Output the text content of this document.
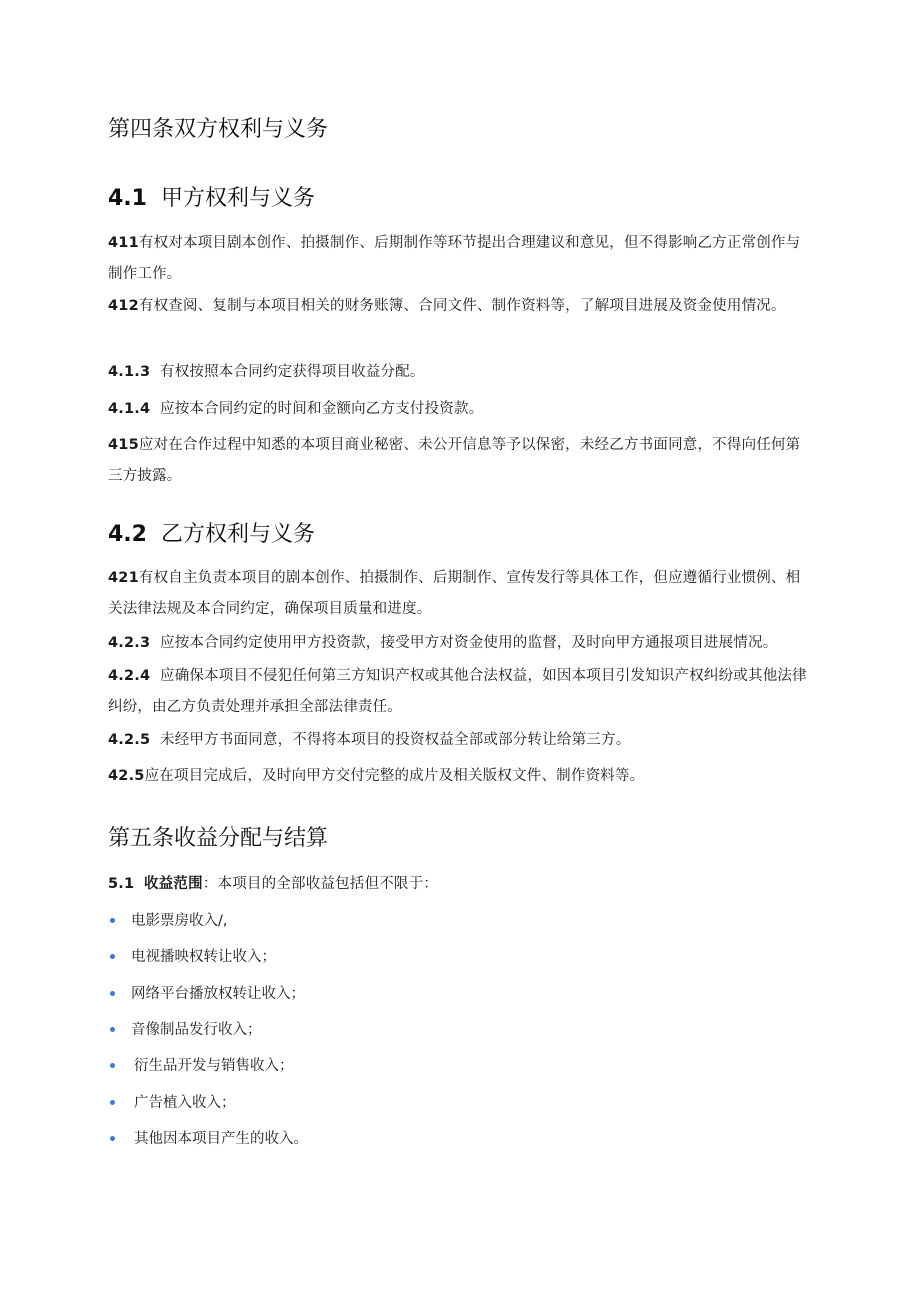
第四条双方权利与义务
4.1 甲方权利与义务
411有权对本项目剧本创作、拍摄制作、后期制作等环节提出合理建议和意见，但不得影响乙方正常创作与制作工作。
412有权查阅、复制与本项目相关的财务账簿、合同文件、制作资料等，了解项目进展及资金使用情况。
4.1.3 有权按照本合同约定获得项目收益分配。
4.1.4 应按本合同约定的时间和金额向乙方支付投资款。
415应对在合作过程中知悉的本项目商业秘密、未公开信息等予以保密，未经乙方书面同意，不得向任何第三方披露。
4.2 乙方权利与义务
421有权自主负责本项目的剧本创作、拍摄制作、后期制作、宣传发行等具体工作，但应遵循行业惯例、相关法律法规及本合同约定，确保项目质量和进度。
4.2.3 应按本合同约定使用甲方投资款，接受甲方对资金使用的监督，及时向甲方通报项目进展情况。
4.2.4 应确保本项目不侵犯任何第三方知识产权或其他合法权益，如因本项目引发知识产权纠纷或其他法律纠纷，由乙方负责处理并承担全部法律责任。
4.2.5 未经甲方书面同意，不得将本项目的投资权益全部或部分转让给第三方。
42.5应在项目完成后，及时向甲方交付完整的成片及相关版权文件、制作资料等。
第五条收益分配与结算
5.1 收益范围：本项目的全部收益包括但不限于：
电影票房收入/,
电视播映权转让收入；
网络平台播放权转让收入；
音像制品发行收入；
衍生品开发与销售收入；
广告植入收入；
其他因本项目产生的收入。
